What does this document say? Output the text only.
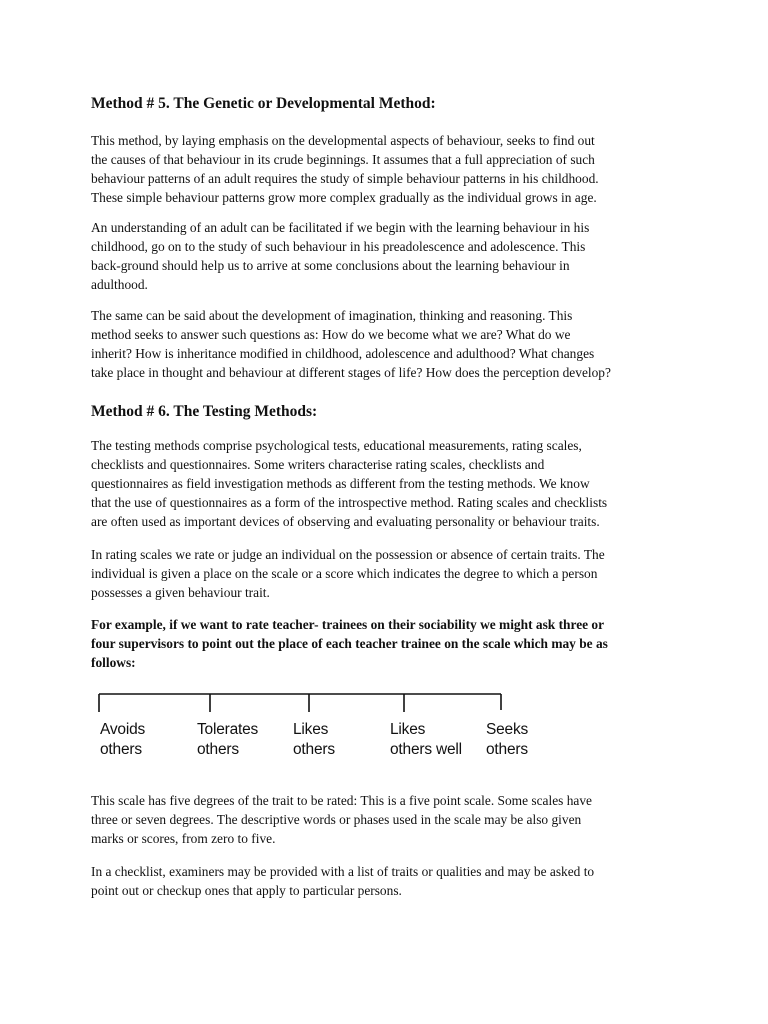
Method # 5. The Genetic or Developmental Method:

This method, by laying emphasis on the developmental aspects of behaviour, seeks to find out
the causes of that behaviour in its crude beginnings. It assumes that a full appreciation of such
behaviour patterns of an adult requires the study of simple behaviour patterns in his childhood.
These simple behaviour patterns grow more complex gradually as the individual grows in age.

An understanding of an adult can be facilitated if we begin with the learning behaviour in his
childhood, go on to the study of such behaviour in his preadolescence and adolescence. This
back-ground should help us to arrive at some conclusions about the learning behaviour in
adulthood.

The same can be said about the development of imagination, thinking and reasoning. This
method seeks to answer such questions as: How do we become what we are? What do we
inherit? How is inheritance modified in childhood, adolescence and adulthood? What changes
take place in thought and behaviour at different stages of life? How does the perception develop?

Method # 6. The Testing Methods:

The testing methods comprise psychological tests, educational measurements, rating scales,
checklists and questionnaires. Some writers characterise rating scales, checklists and
questionnaires as field investigation methods as different from the testing methods. We know
that the use of questionnaires as a form of the introspective method. Rating scales and checklists
are often used as important devices of observing and evaluating personality or behaviour traits.

In rating scales we rate or judge an individual on the possession or absence of certain traits. The
individual is given a place on the scale or a score which indicates the degree to which a person
possesses a given behaviour trait.

For example, if we want to rate teacher- trainees on their sociability we might ask three or
four supervisors to point out the place of each teacher trainee on the scale which may be as
follows:

Avoids
others

Tolerates
others

Likes
others

Likes
others well

Seeks
others

This scale has five degrees of the trait to be rated: This is a five point scale. Some scales have
three or seven degrees. The descriptive words or phases used in the scale may be also given
marks or scores, from zero to five.

In a checklist, examiners may be provided with a list of traits or qualities and may be asked to
point out or checkup ones that apply to particular persons.
